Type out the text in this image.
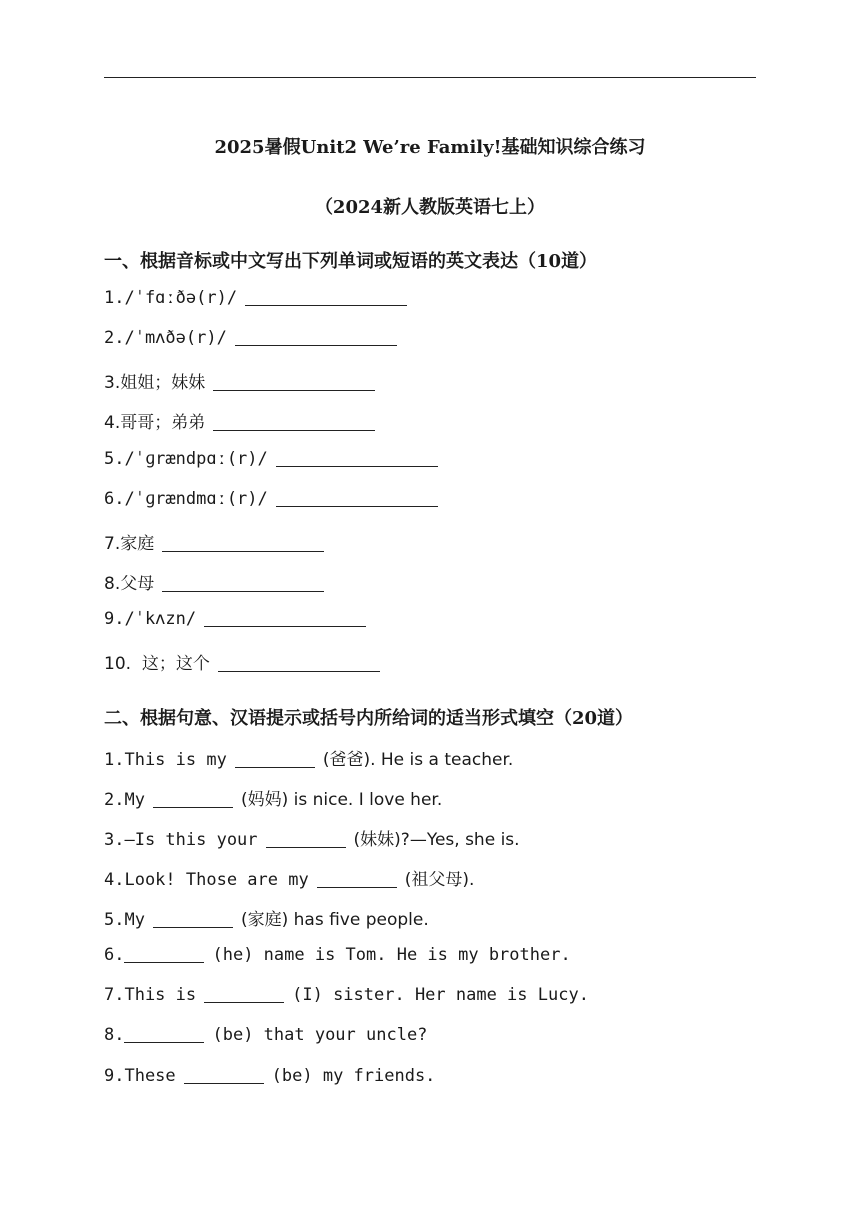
2025暑假Unit2 We’re Family!基础知识综合练习
（2024新人教版英语七上）
一、根据音标或中文写出下列单词或短语的英文表达（10道）
1./ˈfɑːðə(r)/
2./ˈmʌðə(r)/
3.姐姐；妹妹
4.哥哥；弟弟
5./ˈɡrændpɑː(r)/
6./ˈɡrændmɑː(r)/
7.家庭
8.父母
9./ˈkʌzn/
10.  这；这个
二、根据句意、汉语提示或括号内所给词的适当形式填空（20道）
1.This is my	(爸爸). He is a teacher.
2.My	(妈妈) is nice. I love her.
3.—Is this your	(妹妹)?—Yes, she is.
4.Look! Those are my	(祖父母).
5.My	(家庭) has five people.
6.	(he) name is Tom. He is my brother.
7.This is	(I) sister. Her name is Lucy.
8.	(be) that your uncle?
9.These	(be) my friends.
